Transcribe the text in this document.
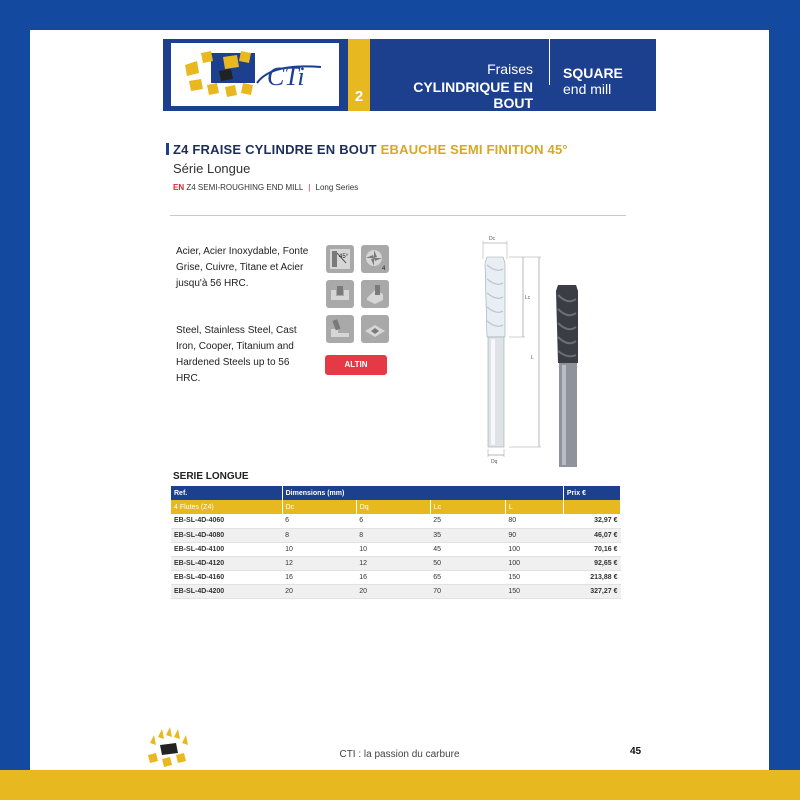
CTi
2
Fraises
CYLINDRIQUE EN BOUT
SQUARE
end mill
Z4 FRAISE CYLINDRE EN BOUT EBAUCHE SEMI FINITION 45°
Série Longue
EN Z4 SEMI-ROUGHING END MILL | Long Series
Acier, Acier Inoxydable, Fonte Grise, Cuivre, Titane et Acier jusqu'à 56 HRC.
Steel, Stainless Steel, Cast Iron, Cooper, Titanium and Hardened Steels up to 56 HRC.
45°
4
ALTIN
Dc
Dq
Lc
L
SERIE LONGUE
Ref.	Dimensions (mm)				Prix €
4 Flutes (Z4)	Dc	Dq	Lc	L	
EB-SL-4D-4060	6	6	25	80	32,97 €
EB-SL-4D-4080	8	8	35	90	46,07 €
EB-SL-4D-4100	10	10	45	100	70,16 €
EB-SL-4D-4120	12	12	50	100	92,65 €
EB-SL-4D-4160	16	16	65	150	213,88 €
EB-SL-4D-4200	20	20	70	150	327,27 €
CTI : la passion du carbure	45
